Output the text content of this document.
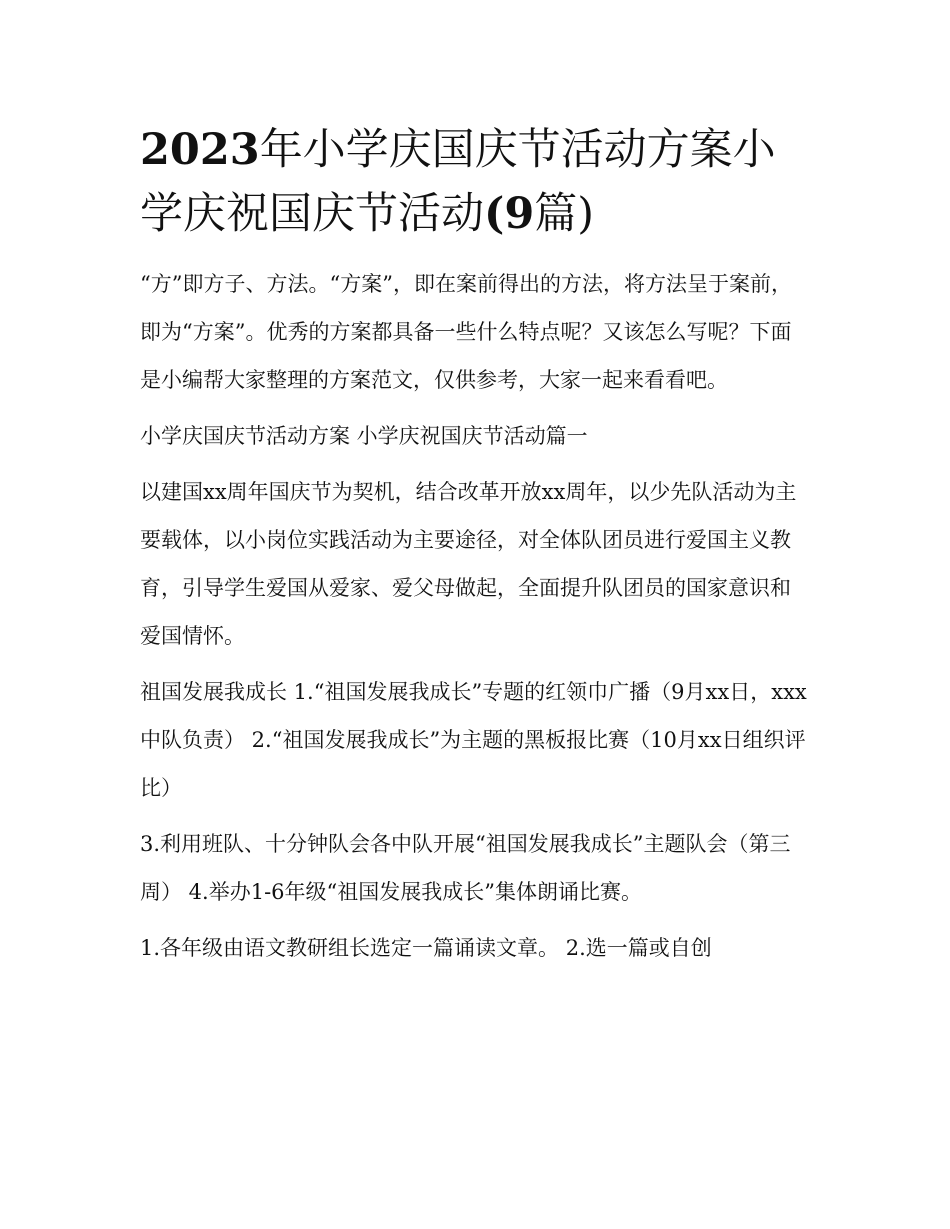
2023年小学庆国庆节活动方案小学庆祝国庆节活动(9篇)

“方”即方子、方法。“方案”，即在案前得出的方法，将方法呈于案前，即为“方案”。优秀的方案都具备一些什么特点呢？又该怎么写呢？下面是小编帮大家整理的方案范文，仅供参考，大家一起来看看吧。

小学庆国庆节活动方案 小学庆祝国庆节活动篇一

以建国xx周年国庆节为契机，结合改革开放xx周年，以少先队活动为主要载体，以小岗位实践活动为主要途径，对全体队团员进行爱国主义教育，引导学生爱国从爱家、爱父母做起，全面提升队团员的国家意识和爱国情怀。

祖国发展我成长 1.“祖国发展我成长”专题的红领巾广播（9月xx日，xxx中队负责） 2.“祖国发展我成长”为主题的黑板报比赛（10月xx日组织评比）

3.利用班队、十分钟队会各中队开展“祖国发展我成长”主题队会（第三周） 4.举办1-6年级“祖国发展我成长”集体朗诵比赛。

1.各年级由语文教研组长选定一篇诵读文章。 2.选一篇或自创
